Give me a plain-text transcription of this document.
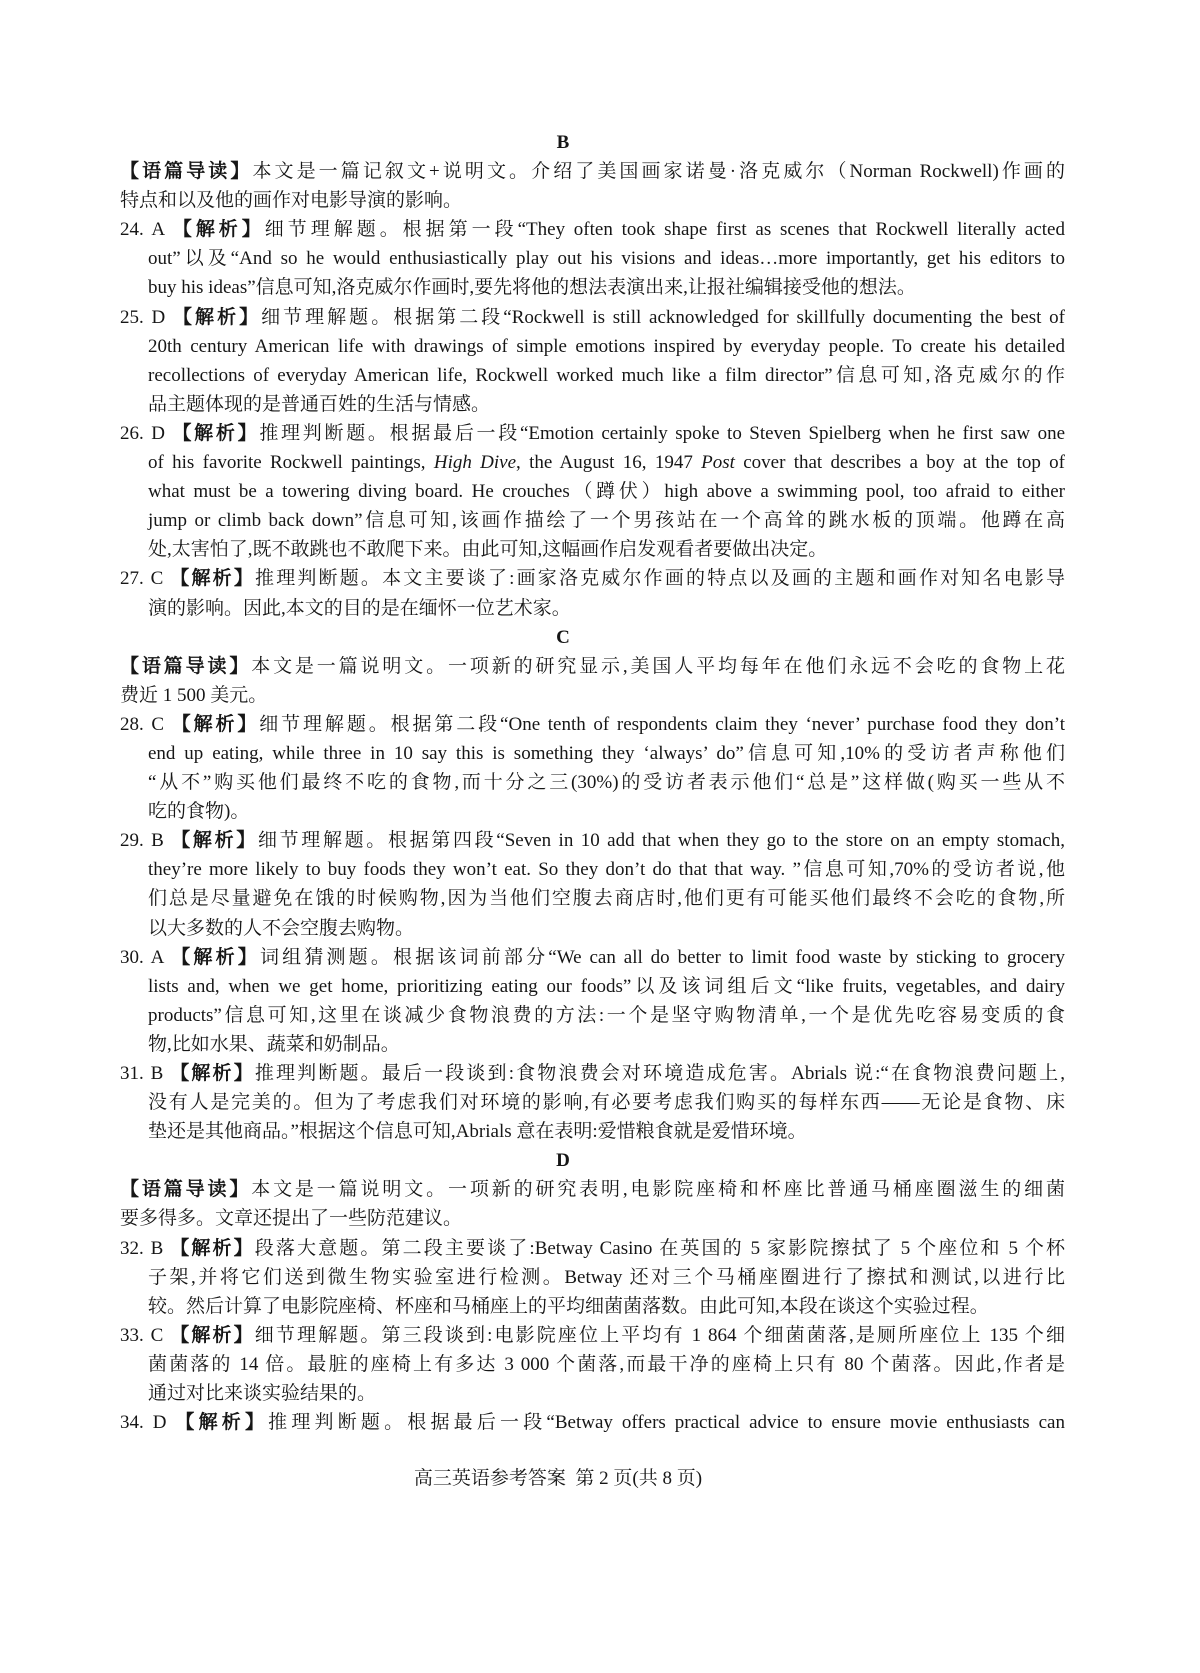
B
【语篇导读】本文是一篇记叙文+说明文。介绍了美国画家诺曼·洛克威尔（Norman Rockwell)作画的
特点和以及他的画作对电影导演的影响。
24. A 【解析】细节理解题。根据第一段“They often took shape first as scenes that Rockwell literally acted
out”以及“And so he would enthusiastically play out his visions and ideas…more importantly, get his editors to
buy his ideas”信息可知,洛克威尔作画时,要先将他的想法表演出来,让报社编辑接受他的想法。
25. D 【解析】细节理解题。根据第二段“Rockwell is still acknowledged for skillfully documenting the best of
20th century American life with drawings of simple emotions inspired by everyday people. To create his detailed
recollections of everyday American life, Rockwell worked much like a film director”信息可知,洛克威尔的作
品主题体现的是普通百姓的生活与情感。
26. D 【解析】推理判断题。根据最后一段“Emotion certainly spoke to Steven Spielberg when he first saw one
of his favorite Rockwell paintings, High Dive, the August 16, 1947 Post cover that describes a boy at the top of
what must be a towering diving board. He crouches（蹲伏）high above a swimming pool, too afraid to either
jump or climb back down”信息可知,该画作描绘了一个男孩站在一个高耸的跳水板的顶端。他蹲在高
处,太害怕了,既不敢跳也不敢爬下来。由此可知,这幅画作启发观看者要做出决定。
27. C 【解析】推理判断题。本文主要谈了:画家洛克威尔作画的特点以及画的主题和画作对知名电影导
演的影响。因此,本文的目的是在缅怀一位艺术家。
C
【语篇导读】本文是一篇说明文。一项新的研究显示,美国人平均每年在他们永远不会吃的食物上花
费近 1 500 美元。
28. C 【解析】细节理解题。根据第二段“One tenth of respondents claim they ‘never’ purchase food they don’t
end up eating, while three in 10 say this is something they ‘always’ do”信息可知,10%的受访者声称他们
“从不”购买他们最终不吃的食物,而十分之三(30%)的受访者表示他们“总是”这样做(购买一些从不
吃的食物)。
29. B 【解析】细节理解题。根据第四段“Seven in 10 add that when they go to the store on an empty stomach,
they’re more likely to buy foods they won’t eat. So they don’t do that that way. ”信息可知,70%的受访者说,他
们总是尽量避免在饿的时候购物,因为当他们空腹去商店时,他们更有可能买他们最终不会吃的食物,所
以大多数的人不会空腹去购物。
30. A 【解析】词组猜测题。根据该词前部分“We can all do better to limit food waste by sticking to grocery
lists and, when we get home, prioritizing eating our foods”以及该词组后文“like fruits, vegetables, and dairy
products”信息可知,这里在谈减少食物浪费的方法:一个是坚守购物清单,一个是优先吃容易变质的食
物,比如水果、蔬菜和奶制品。
31. B 【解析】推理判断题。最后一段谈到:食物浪费会对环境造成危害。Abrials 说:“在食物浪费问题上,
没有人是完美的。但为了考虑我们对环境的影响,有必要考虑我们购买的每样东西——无论是食物、床
垫还是其他商品。”根据这个信息可知,Abrials 意在表明:爱惜粮食就是爱惜环境。
D
【语篇导读】本文是一篇说明文。一项新的研究表明,电影院座椅和杯座比普通马桶座圈滋生的细菌
要多得多。文章还提出了一些防范建议。
32. B 【解析】段落大意题。第二段主要谈了:Betway Casino 在英国的 5 家影院擦拭了 5 个座位和 5 个杯
子架,并将它们送到微生物实验室进行检测。Betway 还对三个马桶座圈进行了擦拭和测试,以进行比
较。然后计算了电影院座椅、杯座和马桶座上的平均细菌菌落数。由此可知,本段在谈这个实验过程。
33. C 【解析】细节理解题。第三段谈到:电影院座位上平均有 1 864 个细菌菌落,是厕所座位上 135 个细
菌菌落的 14 倍。最脏的座椅上有多达 3 000 个菌落,而最干净的座椅上只有 80 个菌落。因此,作者是
通过对比来谈实验结果的。
34. D 【解析】推理判断题。根据最后一段“Betway offers practical advice to ensure movie enthusiasts can
高三英语参考答案  第 2 页(共 8 页)
